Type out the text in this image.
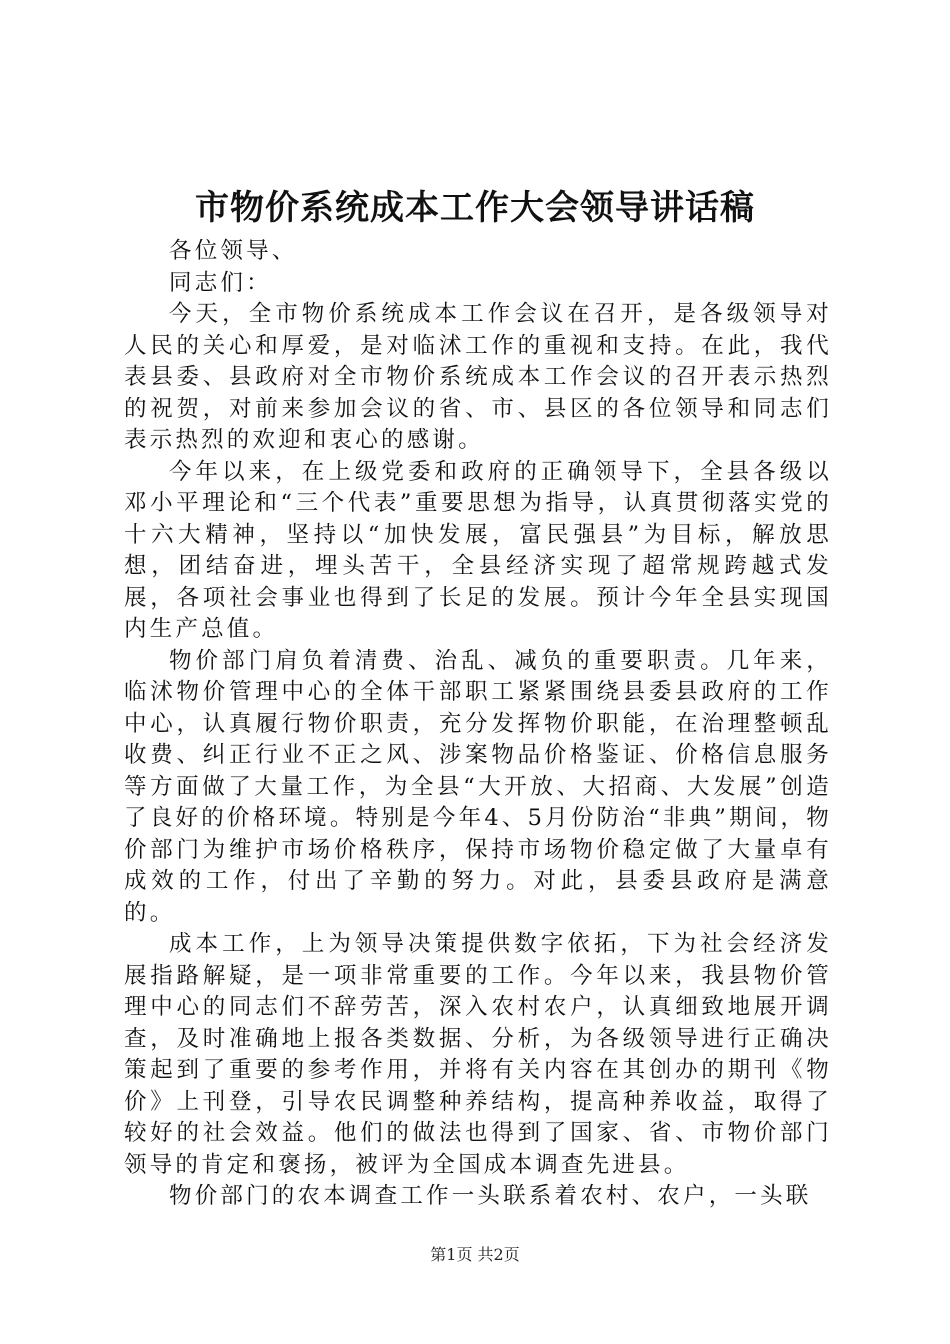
市物价系统成本工作大会领导讲话稿

各位领导、

同志们：

今天，全市物价系统成本工作会议在召开，是各级领导对人民的关心和厚爱，是对临沭工作的重视和支持。在此，我代表县委、县政府对全市物价系统成本工作会议的召开表示热烈的祝贺，对前来参加会议的省、市、县区的各位领导和同志们表示热烈的欢迎和衷心的感谢。

今年以来，在上级党委和政府的正确领导下，全县各级以邓小平理论和“三个代表”重要思想为指导，认真贯彻落实党的十六大精神，坚持以“加快发展，富民强县”为目标，解放思想，团结奋进，埋头苦干，全县经济实现了超常规跨越式发展，各项社会事业也得到了长足的发展。预计今年全县实现国内生产总值。

物价部门肩负着清费、治乱、减负的重要职责。几年来，临沭物价管理中心的全体干部职工紧紧围绕县委县政府的工作中心，认真履行物价职责，充分发挥物价职能，在治理整顿乱收费、纠正行业不正之风、涉案物品价格鉴证、价格信息服务等方面做了大量工作，为全县“大开放、大招商、大发展”创造了良好的价格环境。特别是今年4、5月份防治“非典”期间，物价部门为维护市场价格秩序，保持市场物价稳定做了大量卓有成效的工作，付出了辛勤的努力。对此，县委县政府是满意的。

成本工作，上为领导决策提供数字依拓，下为社会经济发展指路解疑，是一项非常重要的工作。今年以来，我县物价管理中心的同志们不辞劳苦，深入农村农户，认真细致地展开调查，及时准确地上报各类数据、分析，为各级领导进行正确决策起到了重要的参考作用，并将有关内容在其创办的期刊《物价》上刊登，引导农民调整种养结构，提高种养收益，取得了较好的社会效益。他们的做法也得到了国家、省、市物价部门领导的肯定和褒扬，被评为全国成本调查先进县。

物价部门的农本调查工作一头联系着农村、农户，一头联

第1页 共2页
